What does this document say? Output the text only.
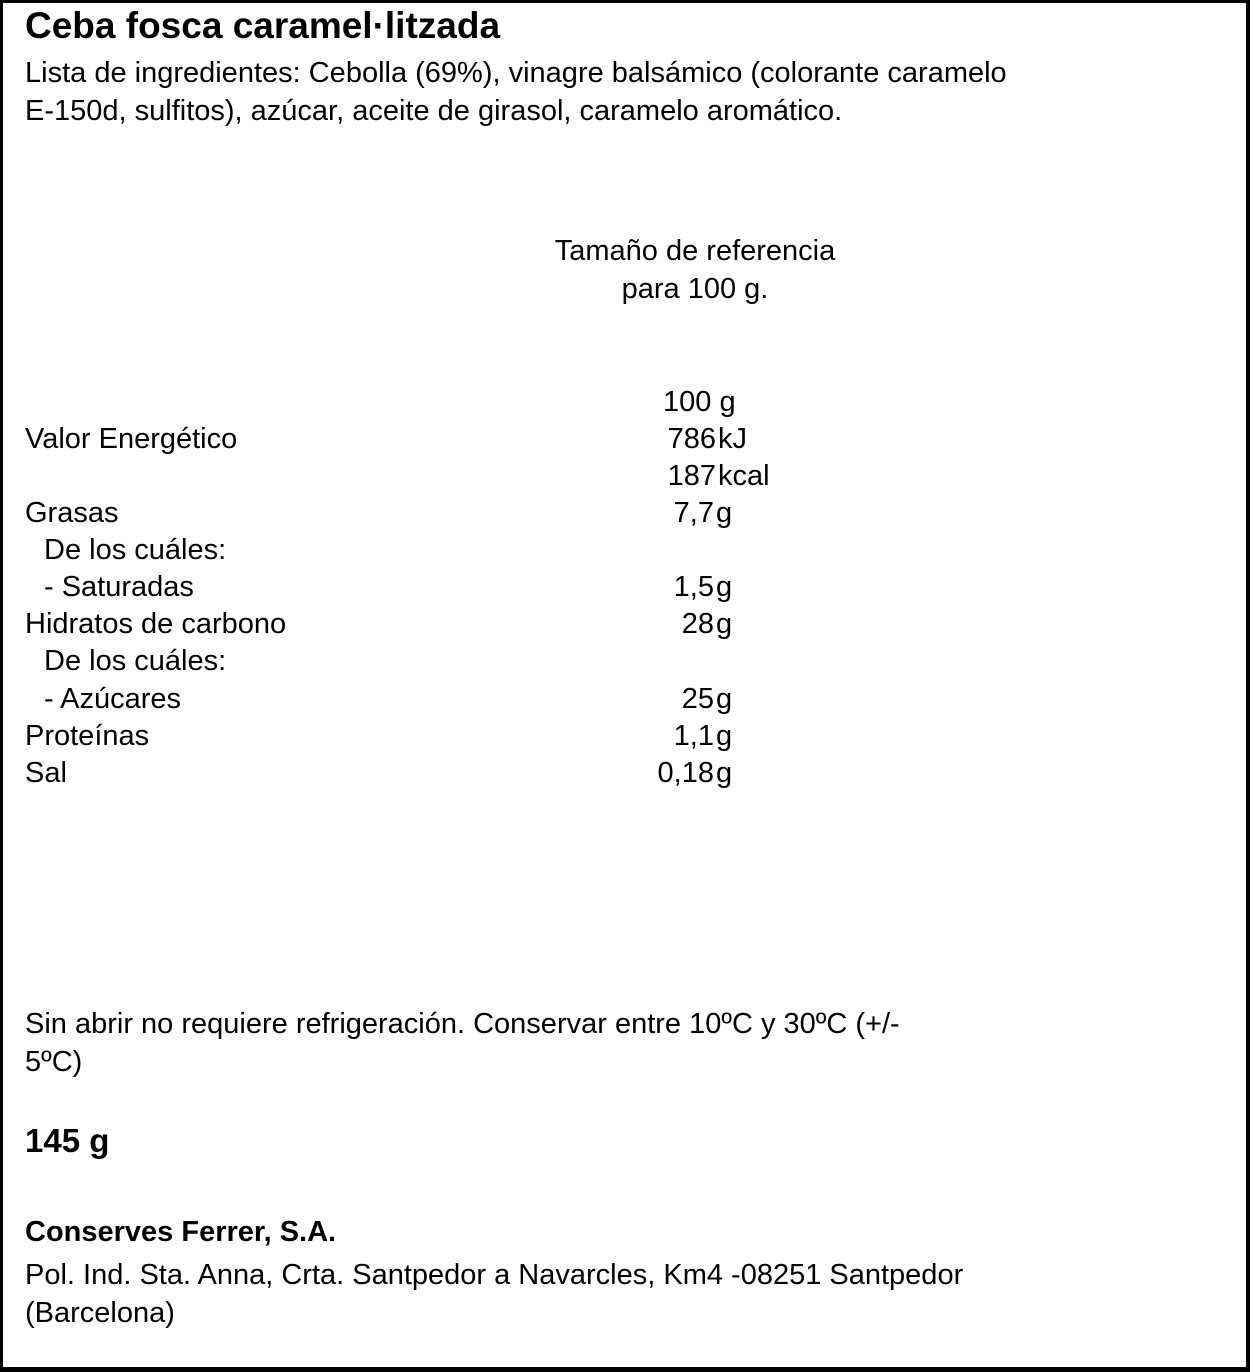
Ceba fosca caramel·litzada
Lista de ingredientes: Cebolla (69%), vinagre balsámico (colorante caramelo
E-150d, sulfitos), azúcar, aceite de girasol, caramelo aromático.
Tamaño de referencia
para 100 g.
100 g
Valor Energético	786 kJ
187 kcal
Grasas	7,7 g
De los cuáles:
- Saturadas	1,5 g
Hidratos de carbono	28 g
De los cuáles:
- Azúcares	25 g
Proteínas	1,1 g
Sal	0,18 g
Sin abrir no requiere refrigeración. Conservar entre 10ºC y 30ºC (+/-
5ºC)
145 g
Conserves Ferrer, S.A.
Pol. Ind. Sta. Anna, Crta. Santpedor a Navarcles, Km4 -08251 Santpedor
(Barcelona)
